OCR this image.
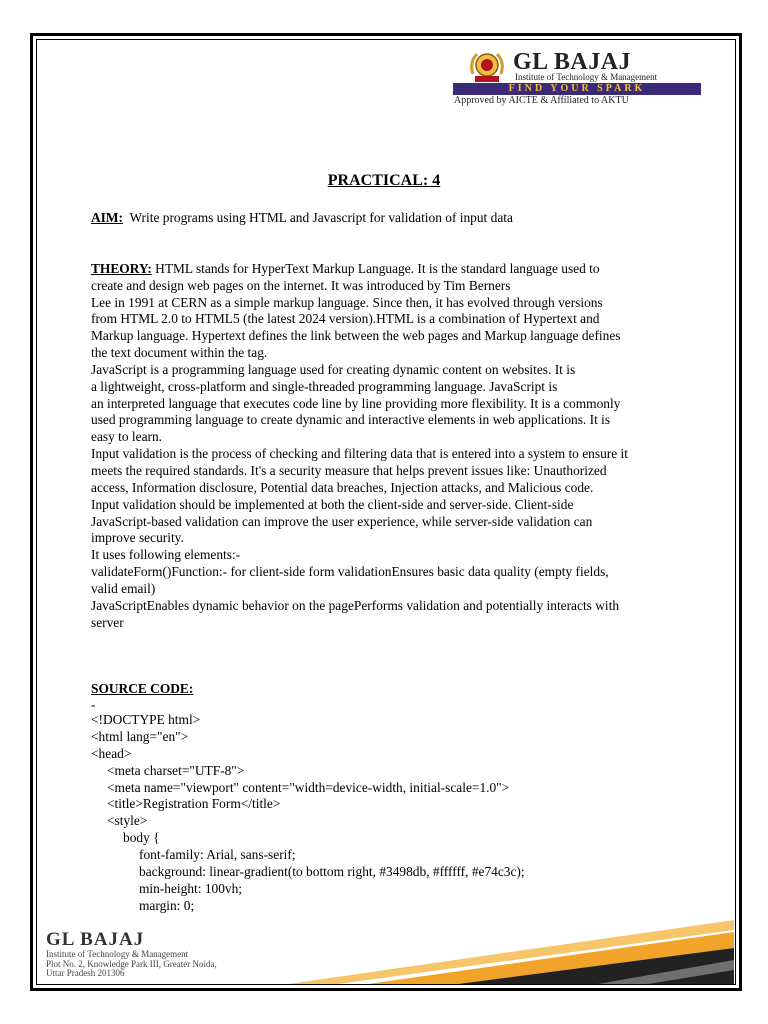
GL BAJAJ
Institute of Technology & Management
FIND YOUR SPARK
Approved by AICTE & Affiliated to AKTU
PRACTICAL: 4

AIM: Write programs using HTML and Javascript for validation of input data

THEORY: HTML stands for HyperText Markup Language. It is the standard language used to
create and design web pages on the internet. It was introduced by Tim Berners
Lee in 1991 at CERN as a simple markup language. Since then, it has evolved through versions
from HTML 2.0 to HTML5 (the latest 2024 version).HTML is a combination of Hypertext and
Markup language. Hypertext defines the link between the web pages and Markup language defines
the text document within the tag.
JavaScript is a programming language used for creating dynamic content on websites. It is
a lightweight, cross-platform and single-threaded programming language. JavaScript is
an interpreted language that executes code line by line providing more flexibility. It is a commonly
used programming language to create dynamic and interactive elements in web applications. It is
easy to learn.
Input validation is the process of checking and filtering data that is entered into a system to ensure it
meets the required standards. It's a security measure that helps prevent issues like: Unauthorized
access, Information disclosure, Potential data breaches, Injection attacks, and Malicious code.
Input validation should be implemented at both the client-side and server-side. Client-side
JavaScript-based validation can improve the user experience, while server-side validation can
improve security.
It uses following elements:-
validateForm()Function:- for client-side form validationEnsures basic data quality (empty fields,
valid email)
JavaScriptEnables dynamic behavior on the pagePerforms validation and potentially interacts with
server
SOURCE CODE:
-
<!DOCTYPE html>
<html lang="en">
<head>
<meta charset="UTF-8">
<meta name="viewport" content="width=device-width, initial-scale=1.0">
<title>Registration Form</title>
<style>
body {
font-family: Arial, sans-serif;
background: linear-gradient(to bottom right, #3498db, #ffffff, #e74c3c);
min-height: 100vh;
margin: 0;
GL BAJAJ
Institute of Technology & Management
Plot No. 2, Knowledge Park III, Greater Noida,
Uttar Pradesh 201306
